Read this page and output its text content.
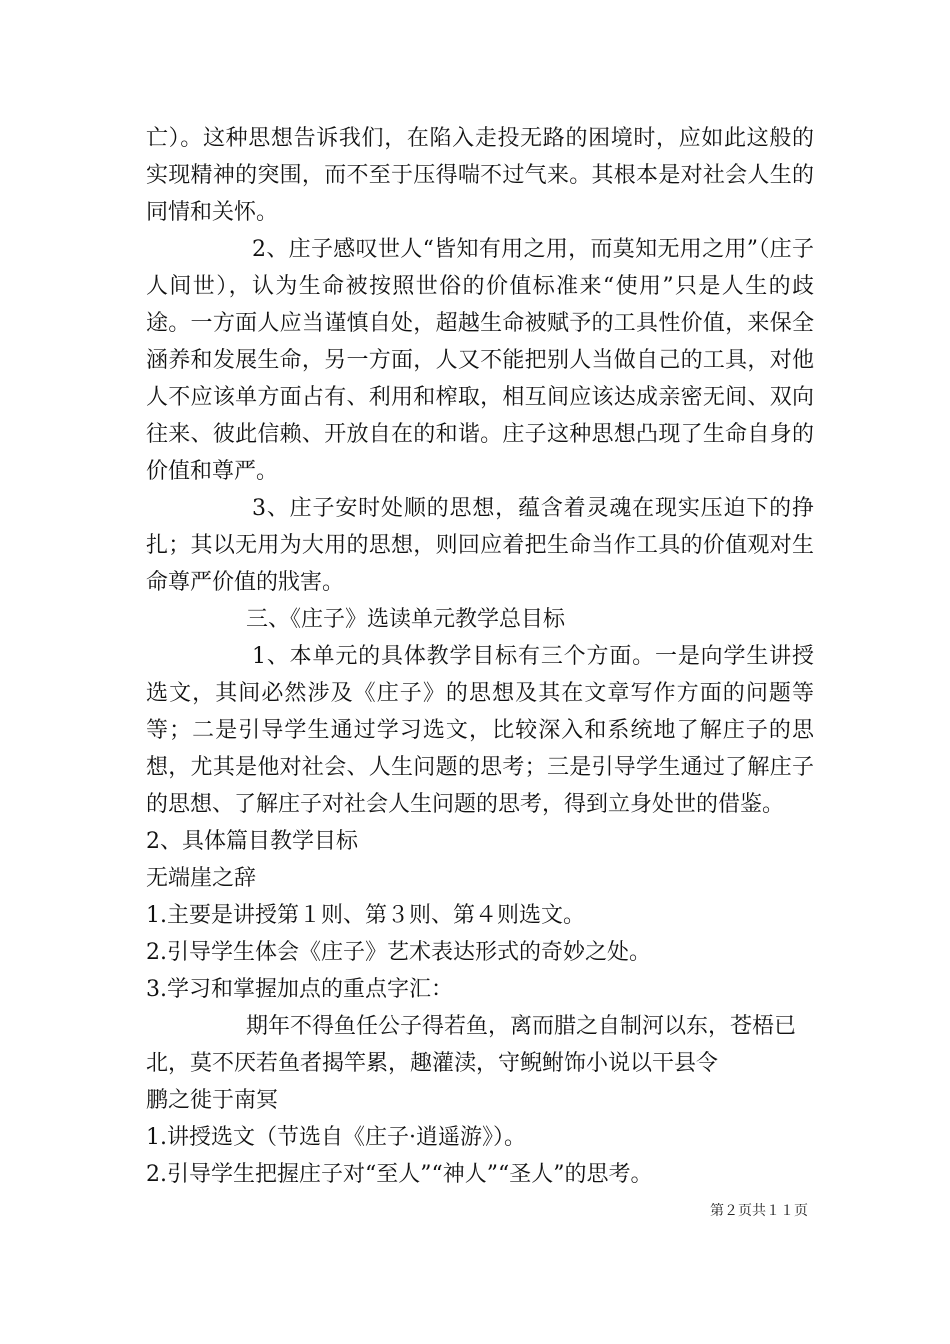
亡）。这种思想告诉我们，在陷入走投无路的困境时，应如此这般的实现精神的突围，而不至于压得喘不过气来。其根本是对社会人生的同情和关怀。

2、庄子感叹世人“皆知有用之用，而莫知无用之用”（庄子人间世），认为生命被按照世俗的价值标准来“使用”只是人生的歧途。一方面人应当谨慎自处，超越生命被赋予的工具性价值，来保全涵养和发展生命，另一方面，人又不能把别人当做自己的工具，对他人不应该单方面占有、利用和榨取，相互间应该达成亲密无间、双向往来、彼此信赖、开放自在的和谐。庄子这种思想凸现了生命自身的价值和尊严。

3、庄子安时处顺的思想，蕴含着灵魂在现实压迫下的挣扎；其以无用为大用的思想，则回应着把生命当作工具的价值观对生命尊严价值的戕害。

三、《庄子》选读单元教学总目标

1、本单元的具体教学目标有三个方面。一是向学生讲授选文，其间必然涉及《庄子》的思想及其在文章写作方面的问题等等；二是引导学生通过学习选文，比较深入和系统地了解庄子的思想，尤其是他对社会、人生问题的思考；三是引导学生通过了解庄子的思想、了解庄子对社会人生问题的思考，得到立身处世的借鉴。

2、具体篇目教学目标

无端崖之辞

1.主要是讲授第１则、第３则、第４则选文。

2.引导学生体会《庄子》艺术表达形式的奇妙之处。

3.学习和掌握加点的重点字汇：

期年不得鱼任公子得若鱼，离而腊之自制河以东，苍梧已北，莫不厌若鱼者揭竿累，趣灌渎，守鲵鲋饰小说以干县令

鹏之徙于南冥

1.讲授选文（节选自《庄子·逍遥游》）。

2.引导学生把握庄子对“至人”“神人”“圣人”的思考。

第２页共１１页
